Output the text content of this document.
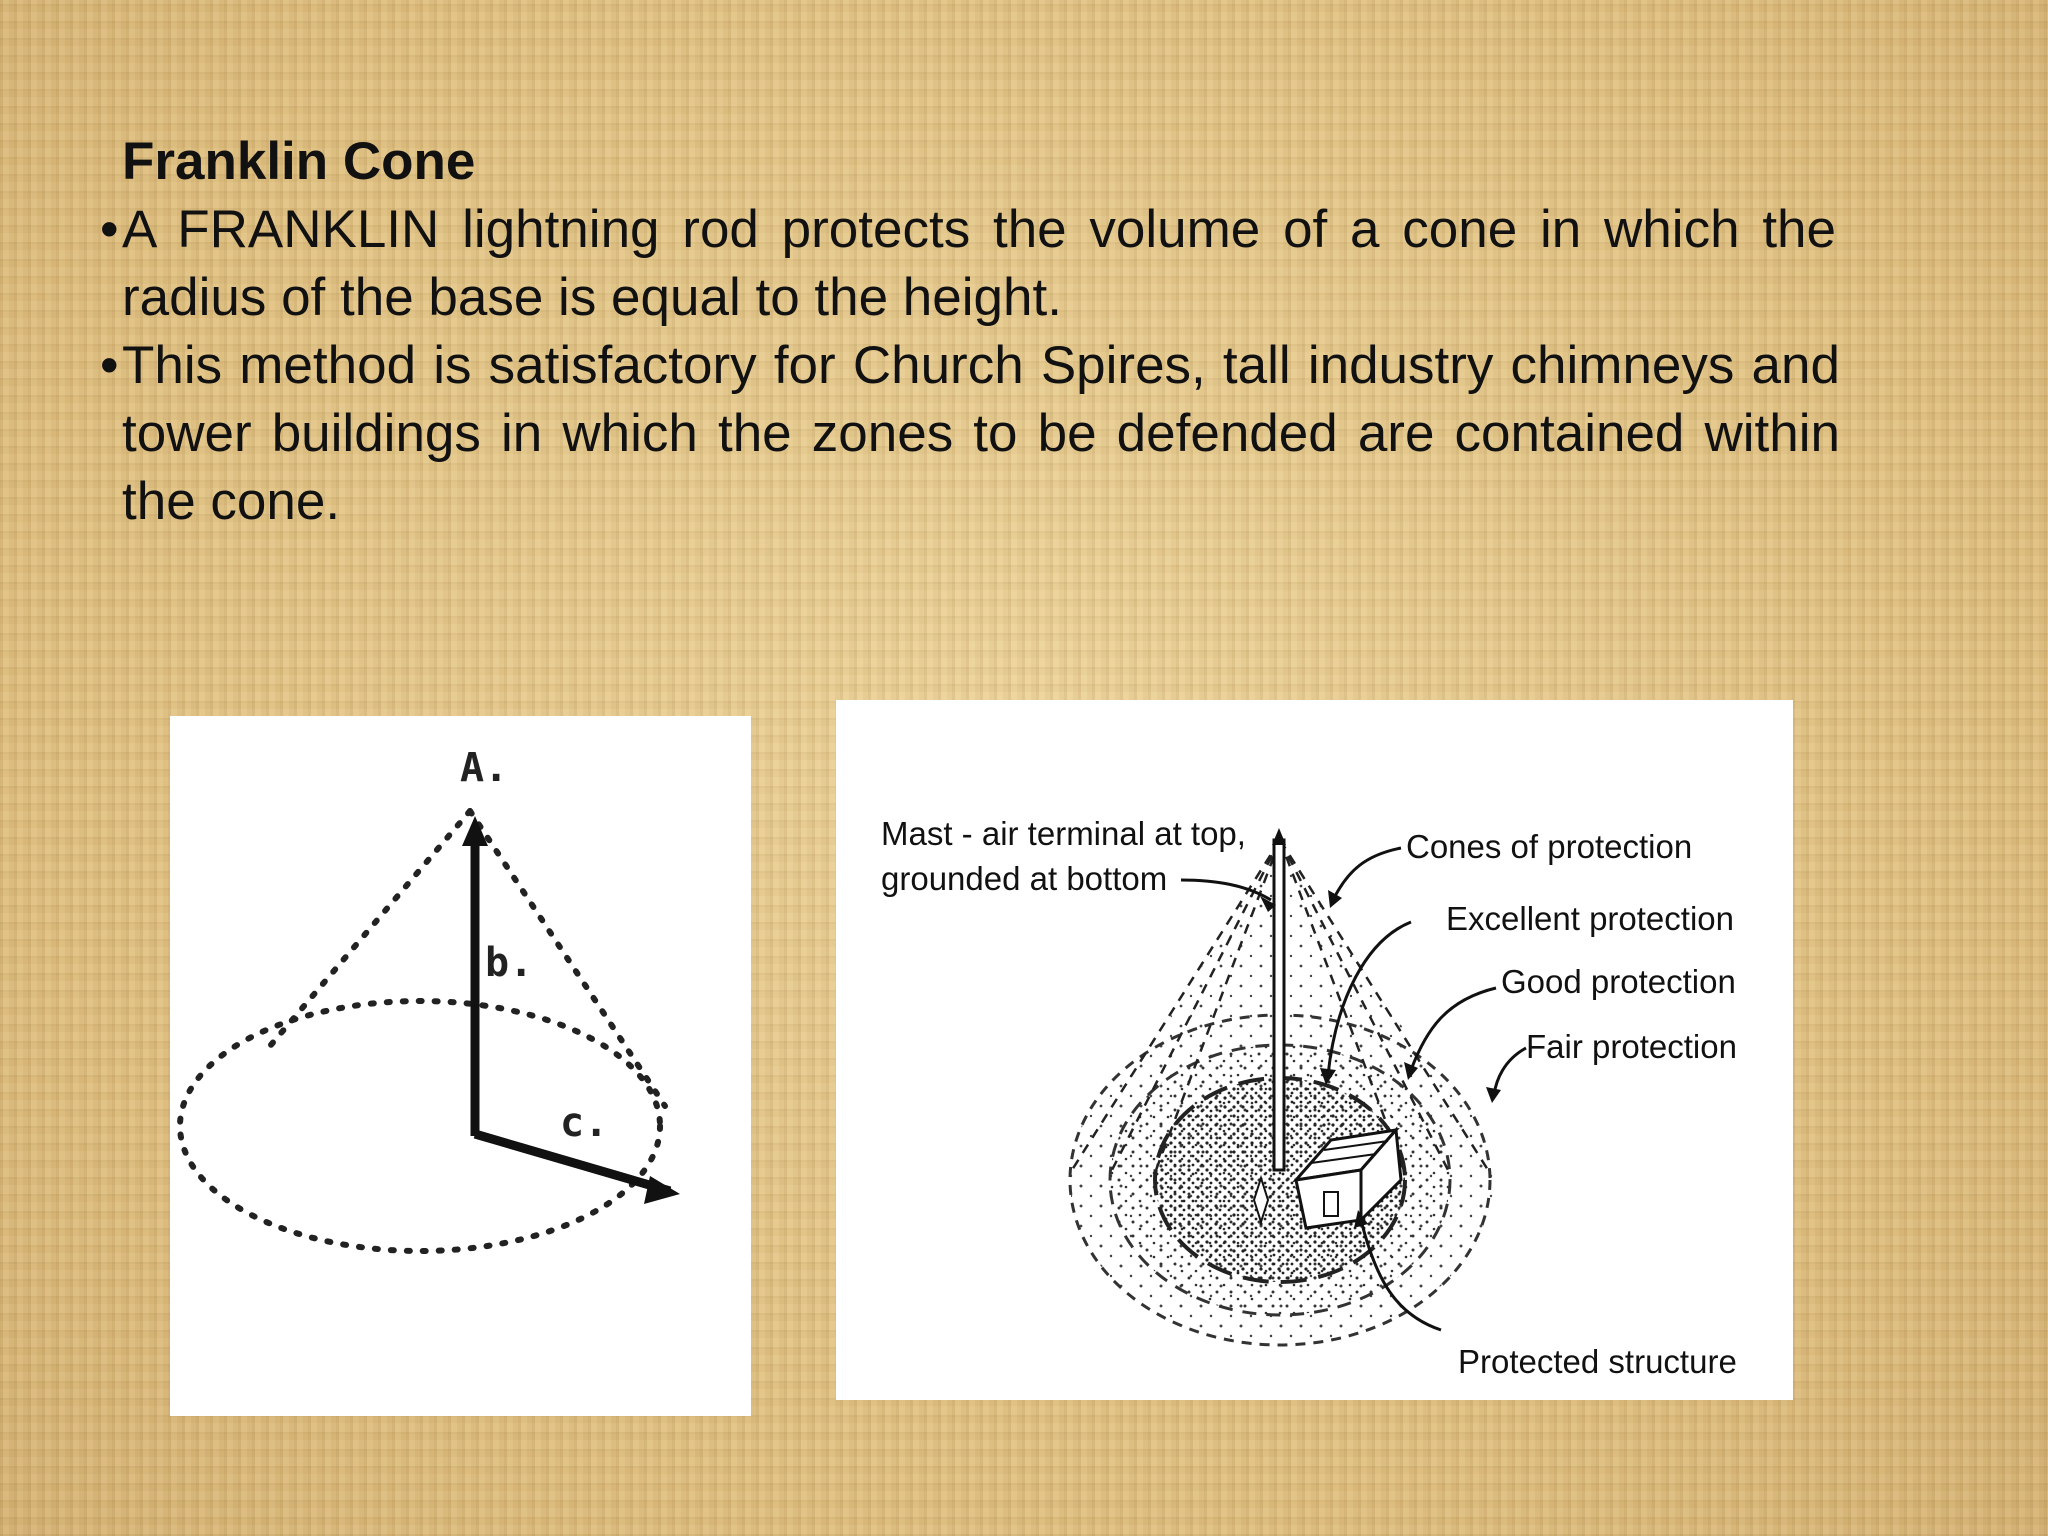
Franklin Cone
• A FRANKLIN lightning rod protects the volume of a cone in which the radius of the base is equal to the height.
• This method is satisfactory for Church Spires, tall industry chimneys and tower buildings in which the zones to be defended are contained within the cone.
A.
b.
c.
Mast - air terminal at top,
grounded at bottom
Cones of protection
Excellent protection
Good protection
Fair protection
Protected structure
